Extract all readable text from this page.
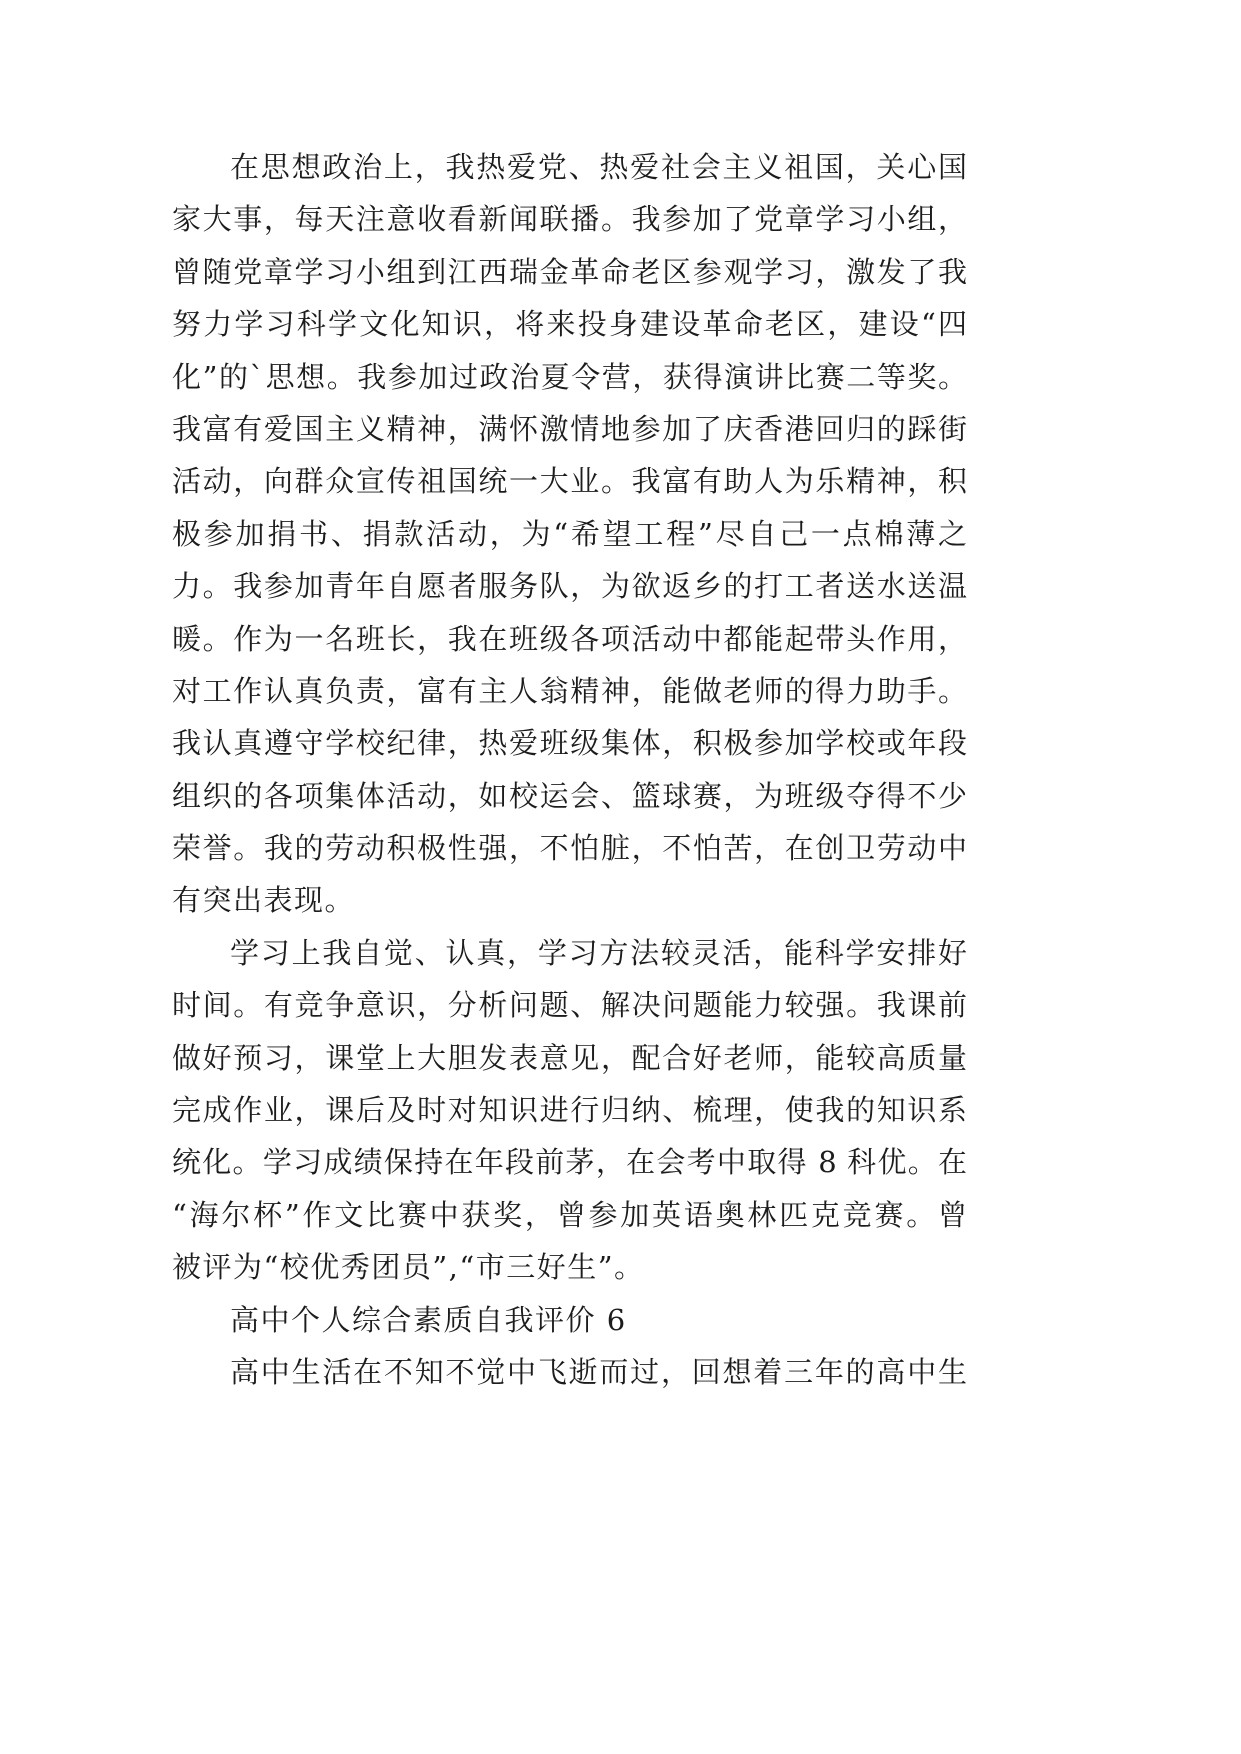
在思想政治上，我热爱党、热爱社会主义祖国，关心国
家大事，每天注意收看新闻联播。我参加了党章学习小组，
曾随党章学习小组到江西瑞金革命老区参观学习，激发了我
努力学习科学文化知识，将来投身建设革命老区，建设“四
化”的`思想。我参加过政治夏令营，获得演讲比赛二等奖。
我富有爱国主义精神，满怀激情地参加了庆香港回归的踩街
活动，向群众宣传祖国统一大业。我富有助人为乐精神，积
极参加捐书、捐款活动，为“希望工程”尽自己一点棉薄之
力。我参加青年自愿者服务队，为欲返乡的打工者送水送温
暖。作为一名班长，我在班级各项活动中都能起带头作用，
对工作认真负责，富有主人翁精神，能做老师的得力助手。
我认真遵守学校纪律，热爱班级集体，积极参加学校或年段
组织的各项集体活动，如校运会、篮球赛，为班级夺得不少
荣誉。我的劳动积极性强，不怕脏，不怕苦，在创卫劳动中
有突出表现。
学习上我自觉、认真，学习方法较灵活，能科学安排好
时间。有竞争意识，分析问题、解决问题能力较强。我课前
做好预习，课堂上大胆发表意见，配合好老师，能较高质量
完成作业，课后及时对知识进行归纳、梳理，使我的知识系
统化。学习成绩保持在年段前茅，在会考中取得 8 科优。在
“海尔杯”作文比赛中获奖，曾参加英语奥林匹克竞赛。曾
被评为“校优秀团员”,“市三好生”。
高中个人综合素质自我评价 6
高中生活在不知不觉中飞逝而过，回想着三年的高中生
